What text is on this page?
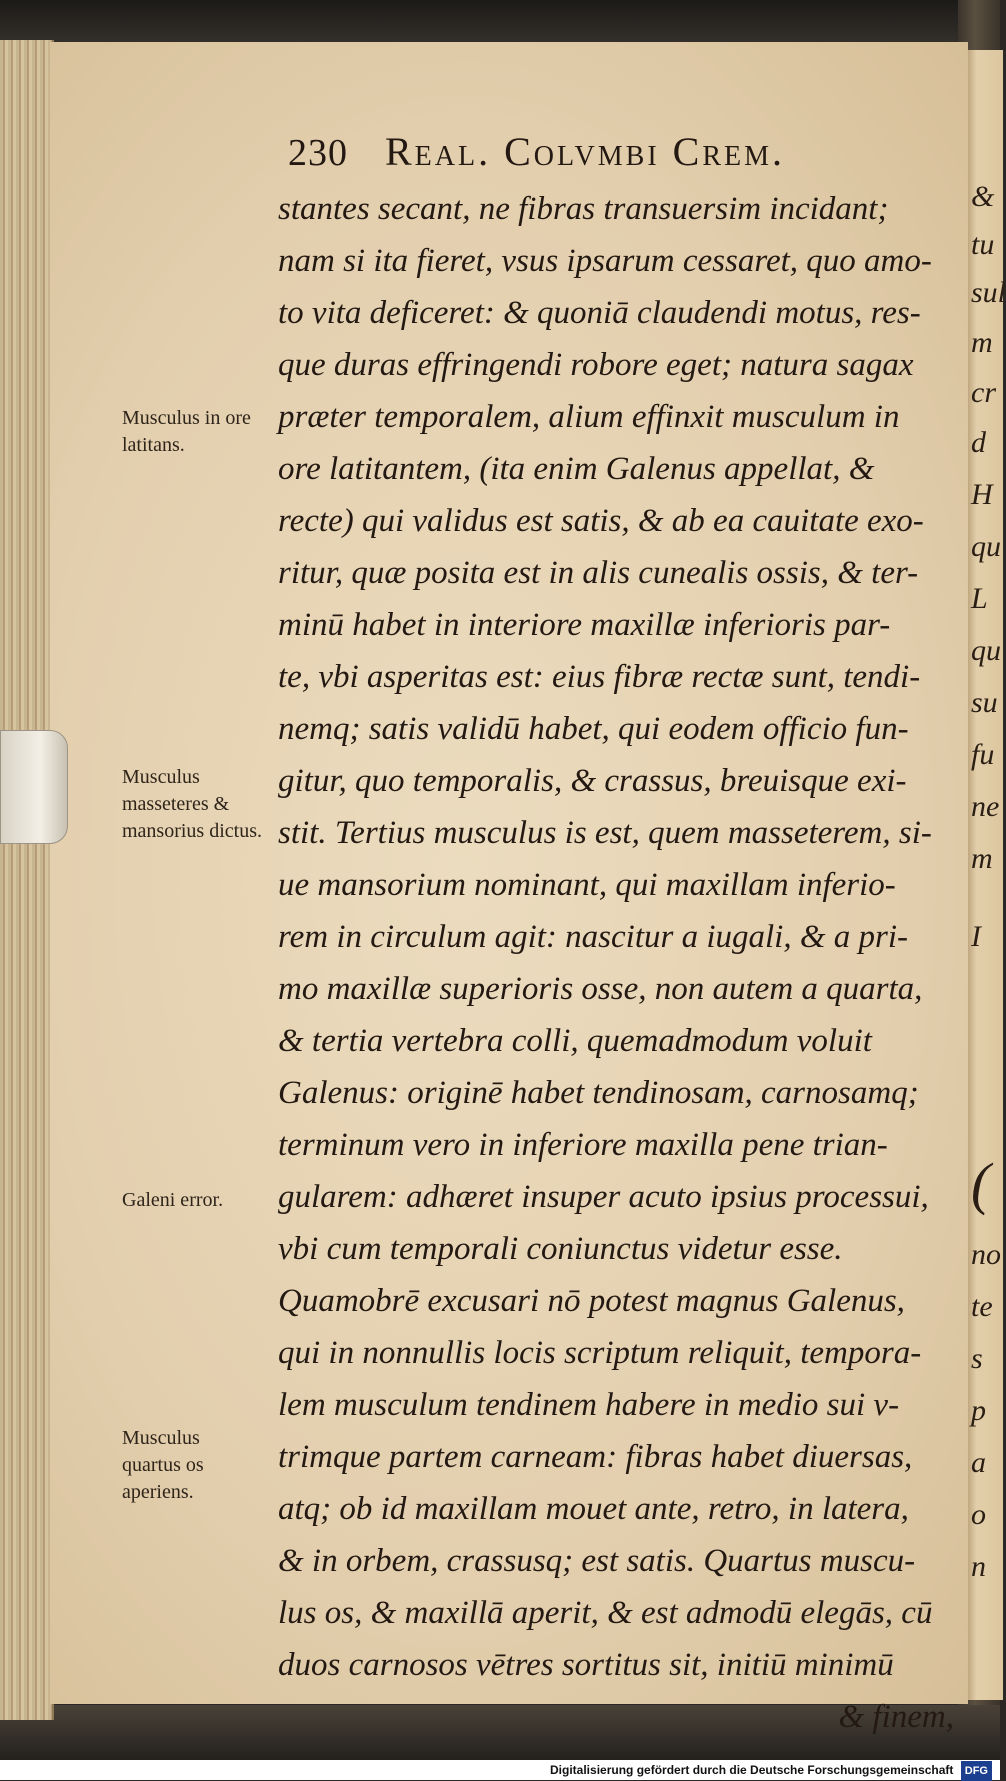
&
tu
sul
m
cr
d
H
qu
L
qu
su
fu
ne
m
I
(
no
te
s
p
a
o
n
230 Real. Colvmbi Crem.
stantes secant, ne fibras transuersim incidant;
nam si ita fieret, vsus ipsarum cessaret, quo amo-
to vita deficeret: & quoniā claudendi motus, res-
que duras effringendi robore eget; natura sagax
præter temporalem, alium effinxit musculum in
ore latitantem, (ita enim Galenus appellat, &
recte) qui validus est satis, & ab ea cauitate exo-
ritur, quæ posita est in alis cunealis ossis, & ter-
minū habet in interiore maxillæ inferioris par-
te, vbi asperitas est: eius fibræ rectæ sunt, tendi-
nemq; satis validū habet, qui eodem officio fun-
gitur, quo temporalis, & crassus, breuisque exi-
stit. Tertius musculus is est, quem masseterem, si-
ue mansorium nominant, qui maxillam inferio-
rem in circulum agit: nascitur a iugali, & a pri-
mo maxillæ superioris osse, non autem a quarta,
& tertia vertebra colli, quemadmodum voluit
Galenus: originē habet tendinosam, carnosamq;
terminum vero in inferiore maxilla pene trian-
gularem: adhæret insuper acuto ipsius processui,
vbi cum temporali coniunctus videtur esse.
Quamobrē excusari nō potest magnus Galenus,
qui in nonnullis locis scriptum reliquit, tempora-
lem musculum tendinem habere in medio sui v-
trimque partem carneam: fibras habet diuersas,
atq; ob id maxillam mouet ante, retro, in latera,
& in orbem, crassusq; est satis. Quartus muscu-
lus os, & maxillā aperit, & est admodū elegās, cū
duos carnosos vētres sortitus sit, initiū minimū
& finem,
Musculus in ore latitans.
Musculus masseteres & mansorius dictus.
Galeni error.
Musculus quartus os aperiens.
Digitalisierung gefördert durch die Deutsche Forschungsgemeinschaft DFG
